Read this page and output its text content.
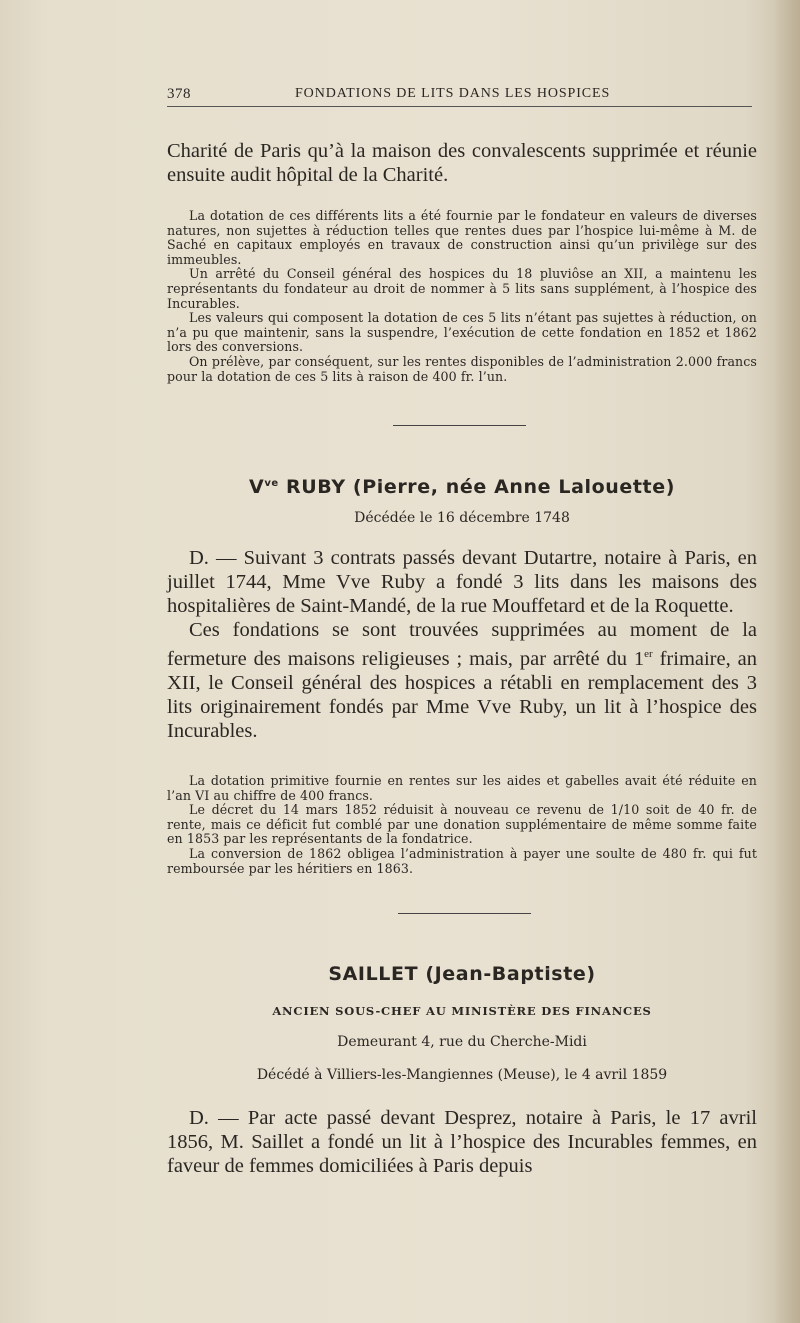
378	FONDATIONS DE LITS DANS LES HOSPICES

Charité de Paris qu’à la maison des convalescents supprimée et réunie ensuite audit hôpital de la Charité.

La dotation de ces différents lits a été fournie par le fondateur en valeurs de diverses natures, non sujettes à réduction telles que rentes dues par l’hospice lui-même à M. de Saché en capitaux employés en travaux de construction ainsi qu’un privilège sur des immeubles.

Un arrêté du Conseil général des hospices du 18 pluviôse an XII, a maintenu les représentants du fondateur au droit de nommer à 5 lits sans supplément, à l’hospice des Incurables.

Les valeurs qui composent la dotation de ces 5 lits n’étant pas sujettes à réduction, on n’a pu que maintenir, sans la suspendre, l’exécution de cette fondation en 1852 et 1862 lors des conversions.

On prélève, par conséquent, sur les rentes disponibles de l’administration 2.000 francs pour la dotation de ces 5 lits à raison de 400 fr. l’un.

$V^{ve}$ RUBY (Pierre, née Anne Lalouette)
Décédée le 16 décembre 1748

D. — Suivant 3 contrats passés devant Dutartre, notaire à Paris, en juillet 1744, Mme Vve Ruby a fondé 3 lits dans les maisons des hospitalières de Saint-Mandé, de la rue Mouffetard et de la Roquette.

Ces fondations se sont trouvées supprimées au moment de la fermeture des maisons religieuses ; mais, par arrêté du 1er frimaire, an XII, le Conseil général des hospices a rétabli en remplacement des 3 lits originairement fondés par Mme Vve Ruby, un lit à l’hospice des Incurables.

La dotation primitive fournie en rentes sur les aides et gabelles avait été réduite en l’an VI au chiffre de 400 francs.

Le décret du 14 mars 1852 réduisit à nouveau ce revenu de 1/10 soit de 40 fr. de rente, mais ce déficit fut comblé par une donation supplémentaire de même somme faite en 1853 par les représentants de la fondatrice.

La conversion de 1862 obligea l’administration à payer une soulte de 480 fr. qui fut remboursée par les héritiers en 1863.

SAILLET (Jean-Baptiste)
ANCIEN SOUS-CHEF AU MINISTÈRE DES FINANCES
Demeurant 4, rue du Cherche-Midi
Décédé à Villiers-les-Mangiennes (Meuse), le 4 avril 1859

D. — Par acte passé devant Desprez, notaire à Paris, le 17 avril 1856, M. Saillet a fondé un lit à l’hospice des Incurables femmes, en faveur de femmes domiciliées à Paris depuis
